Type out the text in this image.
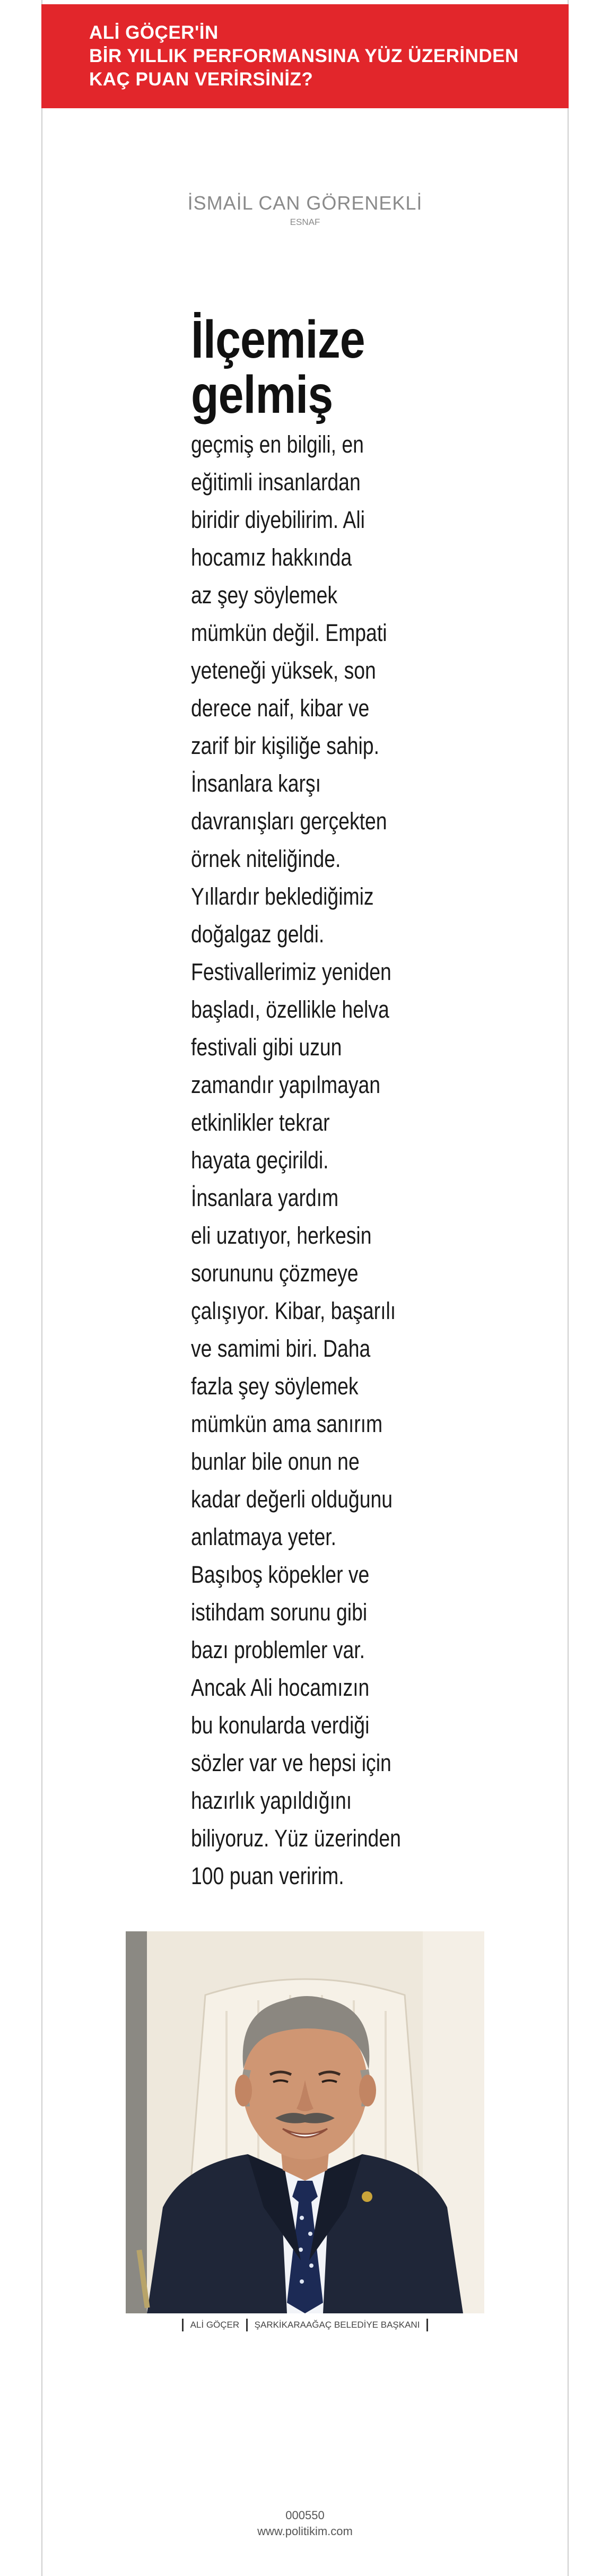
ALİ GÖÇER'İN
BİR YILLIK PERFORMANSINA YÜZ ÜZERİNDEN
KAÇ PUAN VERİRSİNİZ?
İSMAİL CAN GÖRENEKLİ
ESNAF
İlçemize
gelmiş
geçmiş en bilgili, en
eğitimli insanlardan
biridir diyebilirim. Ali
hocamız hakkında
az şey söylemek
mümkün değil. Empati
yeteneği yüksek, son
derece naif, kibar ve
zarif bir kişiliğe sahip.
İnsanlara karşı
davranışları gerçekten
örnek niteliğinde.
Yıllardır beklediğimiz
doğalgaz geldi.
Festivallerimiz yeniden
başladı, özellikle helva
festivali gibi uzun
zamandır yapılmayan
etkinlikler tekrar
hayata geçirildi.
İnsanlara yardım
eli uzatıyor, herkesin
sorununu çözmeye
çalışıyor. Kibar, başarılı
ve samimi biri. Daha
fazla şey söylemek
mümkün ama sanırım
bunlar bile onun ne
kadar değerli olduğunu
anlatmaya yeter.
Başıboş köpekler ve
istihdam sorunu gibi
bazı problemler var.
Ancak Ali hocamızın
bu konularda verdiği
sözler var ve hepsi için
hazırlık yapıldığını
biliyoruz. Yüz üzerinden
100 puan veririm.
ALİ GÖÇER ŞARKİKARAAĞAÇ BELEDİYE BAŞKANI
000550
www.politikim.com
